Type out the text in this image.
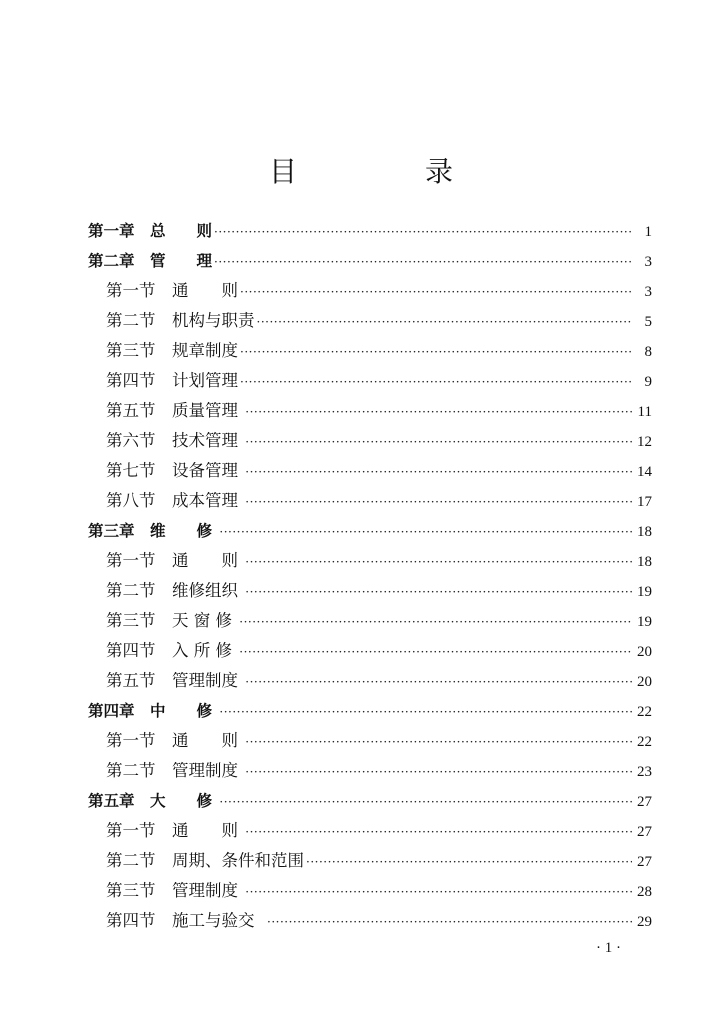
目　录
第一章　总　　则 ·····	1
第二章　管　　理 ·····	3
第一节　通　　则 ·····	3
第二节　机构与职责 ·····	5
第三节　规章制度 ·····	8
第四节　计划管理 ·····	9
第五节　质量管理 ·····	11
第六节　技术管理 ·····	12
第七节　设备管理 ·····	14
第八节　成本管理 ·····	17
第三章　维　　修 ·····	18
第一节　通　　则 ·····	18
第二节　维修组织 ·····	19
第三节　天 窗 修 ·····	19
第四节　入 所 修 ·····	20
第五节　管理制度 ·····	20
第四章　中　　修 ·····	22
第一节　通　　则 ·····	22
第二节　管理制度 ·····	23
第五章　大　　修 ·····	27
第一节　通　　则 ·····	27
第二节　周期、条件和范围 ·····	27
第三节　管理制度 ·····	28
第四节　施工与验交 ·····	29
· 1 ·
